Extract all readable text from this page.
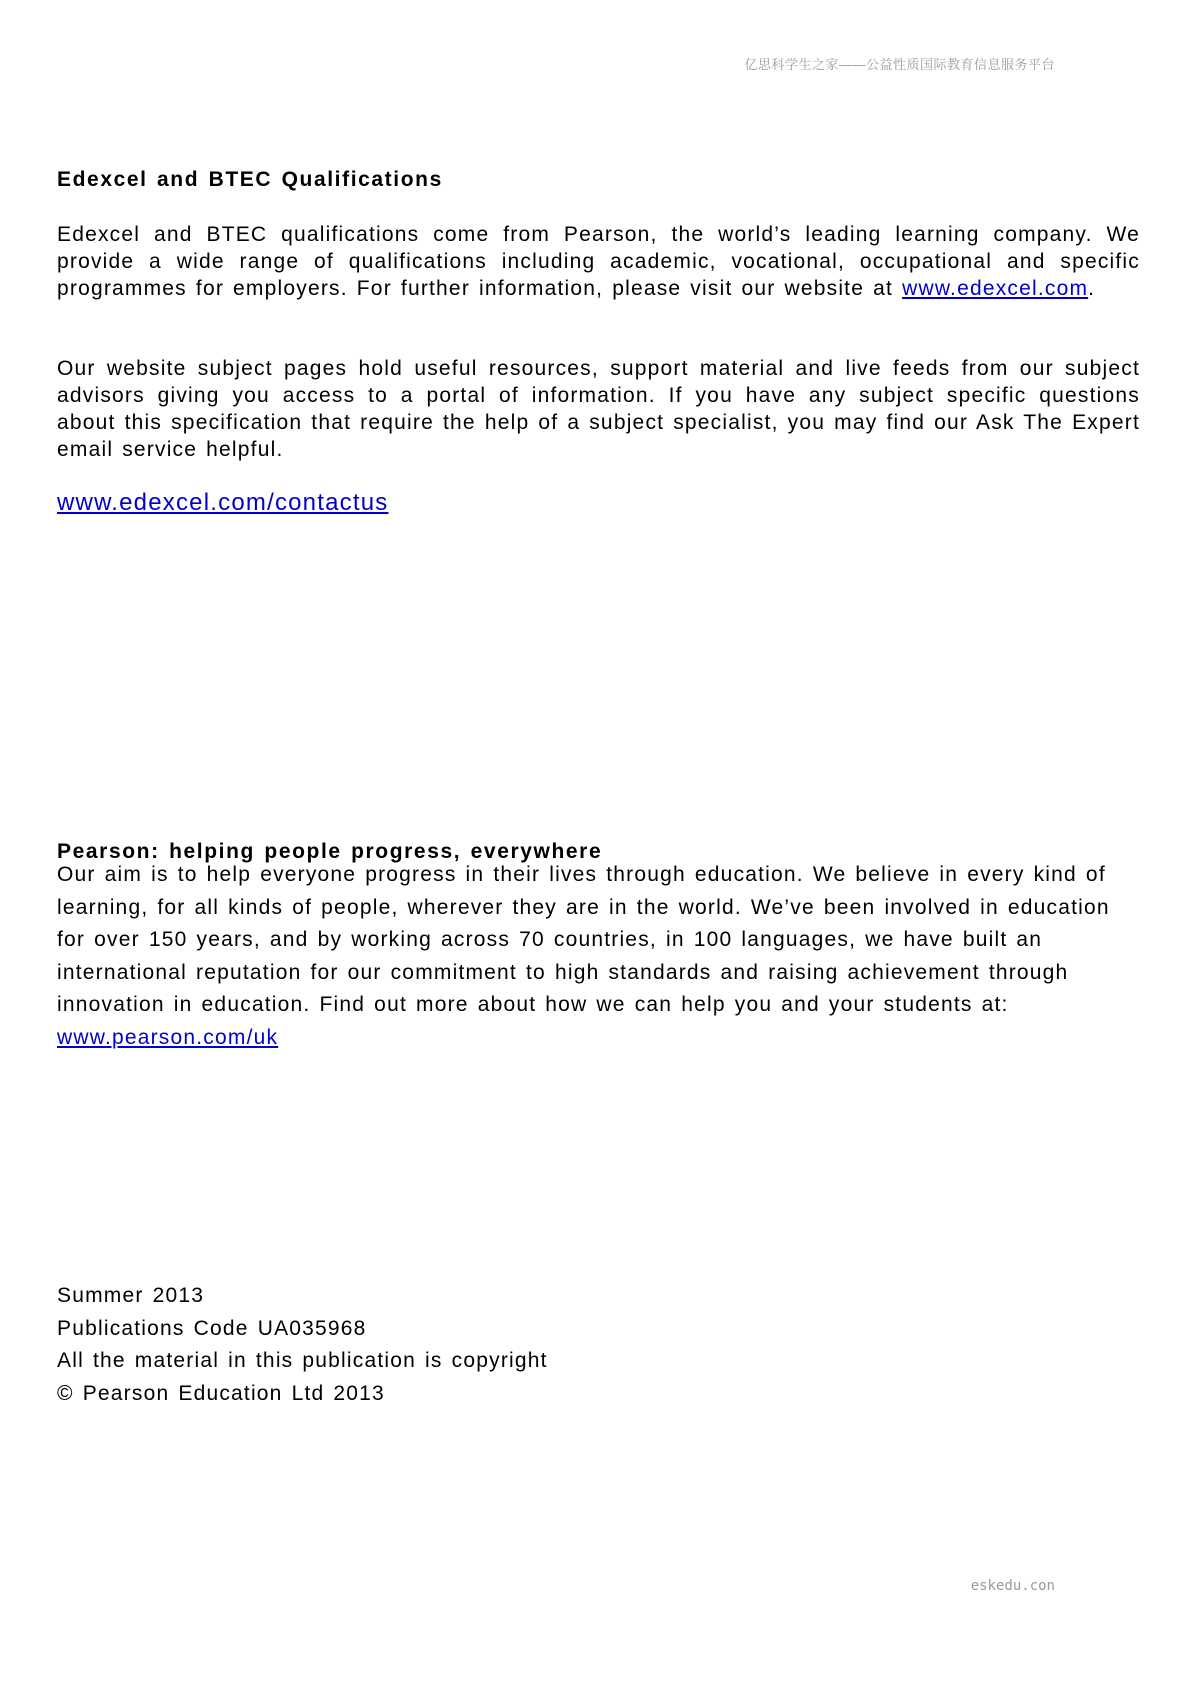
亿思科学生之家——公益性质国际教育信息服务平台
Edexcel and BTEC Qualifications
Edexcel and BTEC qualifications come from Pearson, the world’s leading learning company. We provide a wide range of qualifications including academic, vocational, occupational and specific programmes for employers. For further information, please visit our website at www.edexcel.com.
Our website subject pages hold useful resources, support material and live feeds from our subject advisors giving you access to a portal of information. If you have any subject specific questions about this specification that require the help of a subject specialist, you may find our Ask The Expert email service helpful.
www.edexcel.com/contactus
Pearson: helping people progress, everywhere
Our aim is to help everyone progress in their lives through education. We believe in every kind of learning, for all kinds of people, wherever they are in the world. We’ve been involved in education for over 150 years, and by working across 70 countries, in 100 languages, we have built an international reputation for our commitment to high standards and raising achievement through innovation in education. Find out more about how we can help you and your students at: www.pearson.com/uk
Summer 2013
Publications Code UA035968
All the material in this publication is copyright
© Pearson Education Ltd 2013
eskedu.con
